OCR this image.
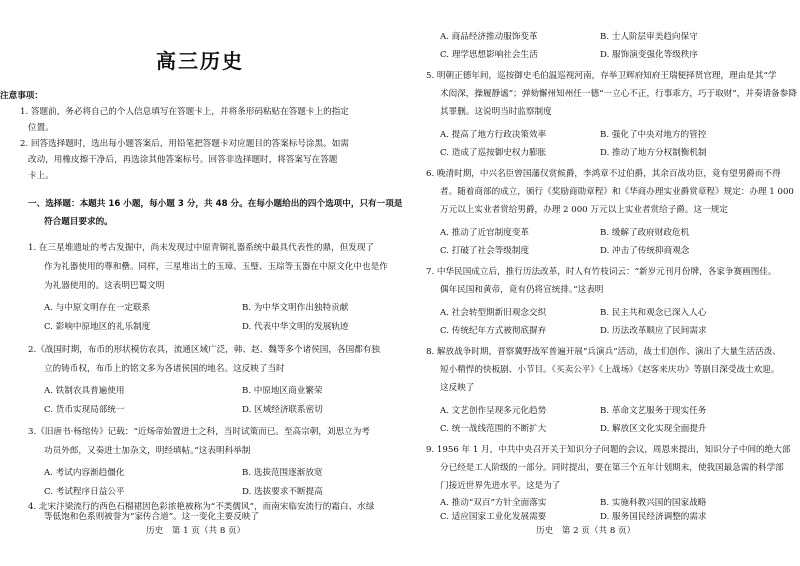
高三历史
注意事项：
1. 答题前，务必将自己的个人信息填写在答题卡上，并将条形码粘贴在答题卡上的指定
位置。
2. 回答选择题时，选出每小题答案后，用铅笔把答题卡对应题目的答案标号涂黑。如需
改动，用橡皮擦干净后，再选涂其他答案标号。回答非选择题时，将答案写在答题
卡上。
一、选择题：本题共 16 小题，每小题 3 分，共 48 分。在每小题给出的四个选项中，只有一项是
符合题目要求的。
1. 在三星堆遗址的考古发掘中，尚未发现过中原青铜礼器系统中最具代表性的鼎，但发现了
作为礼器使用的尊和罍。同样，三星堆出土的玉璋、玉璧、玉琮等玉器在中原文化中也是作
为礼器使用的。这表明巴蜀文明
A. 与中原文明存在一定联系	B. 为中华文明作出独特贡献
C. 影响中原地区的礼乐制度	D. 代表中华文明的发展轨迹
2.《战国时期，布币的形状模仿农具，流通区域广泛，韩、赵、魏等多个诸侯国，各国都有独
立的铸币权，布币上的铭文多为各诸侯国的地名。这反映了当时
A. 铁制农具普遍使用	B. 中原地区商业繁荣
C. 货币实现局部统一	D. 区域经济联系密切
3.《旧唐书·杨绾传》记载：“近炀帝始置进士之科，当时试策而已。至高宗朝，刘思立为考
功员外郎，又奏进士加杂文，明经填帖。”这表明科举制
A. 考试内容渐趋僵化	B. 选拔范围逐渐放宽
C. 考试程序日益公平	D. 选拔要求不断提高
4. 北宋汴梁流行的西色石榴裙因色彩浓艳被称为“不类儒风”，而南宋临安流行的霜白、水绿
等低饱和色系则被誉为“家传合道”。这一变化主要反映了
历史　第 1 页（共 8 页）
A. 商品经济推动服饰变革	B. 士人阶层审美趋向保守
C. 理学思想影响社会生活	D. 服饰演变强化等级秩序
5. 明朝正德年间，巡按御史毛伯温巡视河南，存举卫辉府知府王瑞便择贤官理，理由是其“学
术闳深，操履静谧”；弹劾懈州知州任一德“一立心不正，行事乖方，巧于取财”，并奏请备参降
其罪删。这说明当时监察制度
A. 提高了地方行政决策效率	B. 强化了中央对地方的管控
C. 造成了巡按御史权力膨胀	D. 推动了地方分权制衡机制
6. 晚清时期，中兴名臣曾国藩仅赏候爵，李鸿章不过伯爵，其余百战功臣，竟有望男爵而不得
者。随着商部的成立，颁行《奖励商勋章程》和《华商办理实业爵赏章程》规定：办理 1 000
万元以上实业者赏给男爵，办理 2 000 万元以上实业者赏给子爵。这一规定
A. 推动了近官制度变革	B. 缓解了政府财政危机
C. 打破了社会等级制度	D. 冲击了传统抑商观念
7. 中华民国成立后，推行历法改革，时人有竹枝词云：“新岁元刊月份牌，各家争赛画图佳。
偶年民国和黄帝，竟有仍将宣统排。”这表明
A. 社会转型期新旧观念交织	B. 民主共和观念已深入人心
C. 传统纪年方式被彻底摒弃	D. 历法改革顺应了民间需求
8. 解放战争时期，晋察冀野战军普遍开展“兵演兵”活动，战士们创作、演出了大量生活活泼、
短小精悍的快板剧、小节目。《买卖公平》《上战场》《赵客来庆功》等剧目深受战士欢迎。
这反映了
A. 文艺创作呈现多元化趋势	B. 革命文艺服务于现实任务
C. 统一战线范围的不断扩大	D. 解放区文化实现全面提升
9. 1956 年 1 月，中共中央召开关于知识分子问题的会议，周恩来提出，知识分子中间的绝大部
分已经是工人阶级的一部分。同时提出，要在第三个五年计划期末，使我国最急需的科学部
门接近世界先进水平。这是为了
A. 推动“双百”方针全面落实	B. 实施科教兴国的国家战略
C. 适应国家工业化发展需要	D. 服务国民经济调整的需求
历史　第 2 页（共 8 页）
